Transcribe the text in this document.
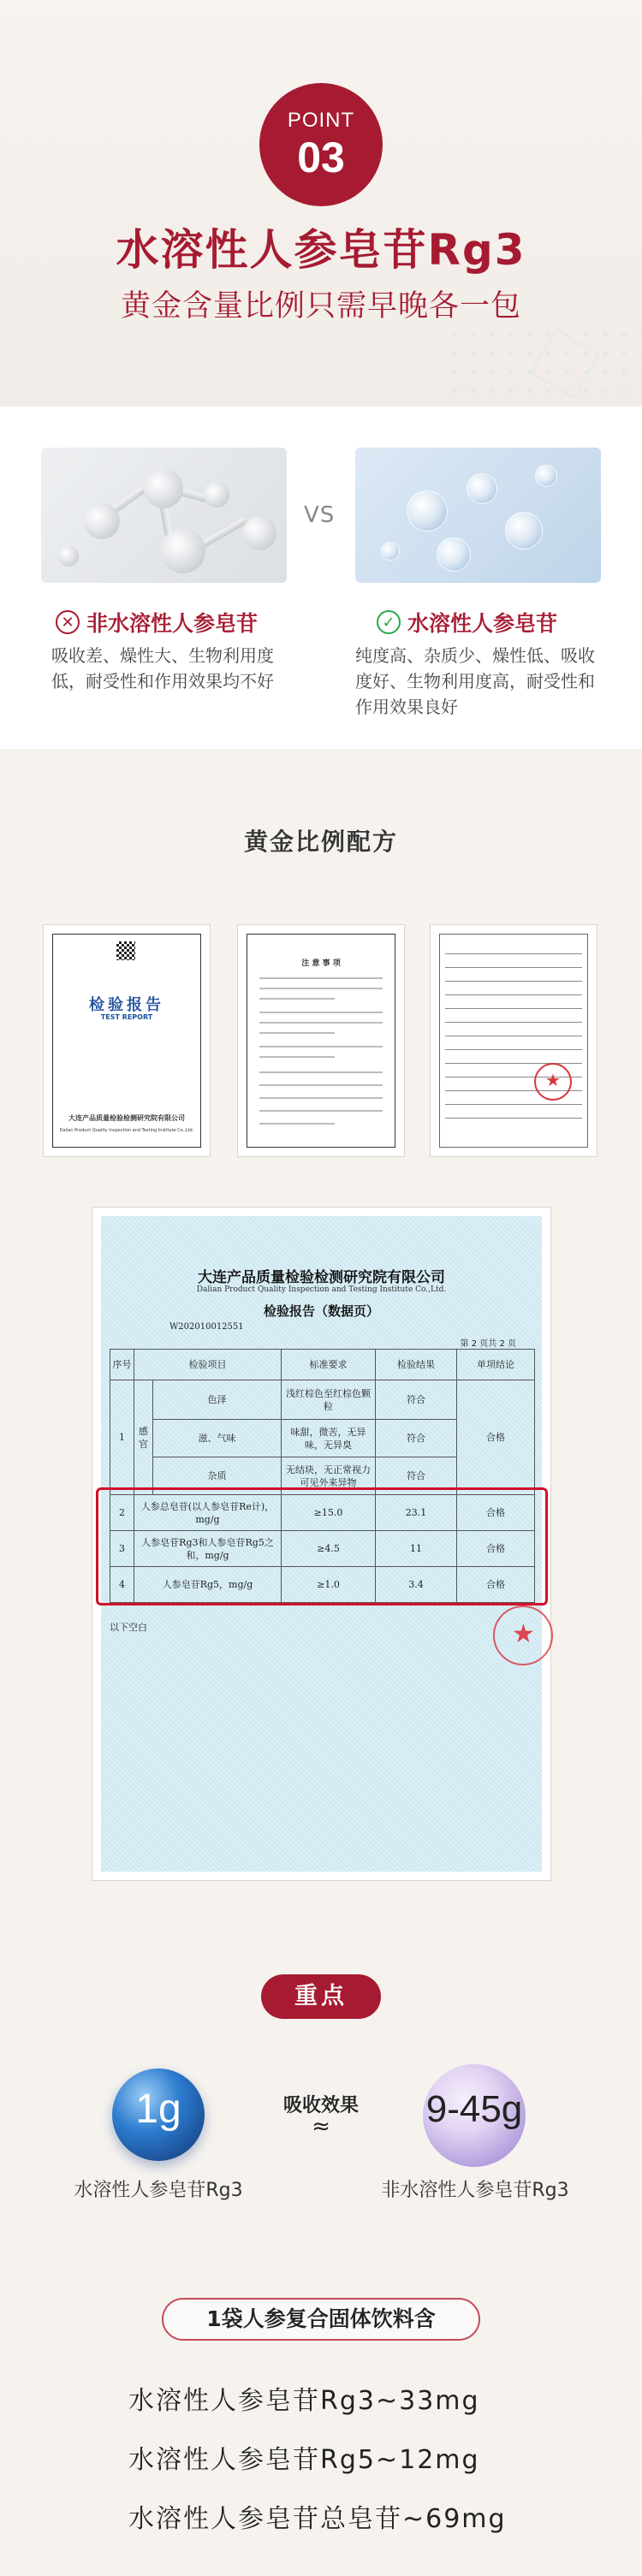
POINT
03
水溶性人参皂苷Rg3
黄金含量比例只需早晚各一包
VS
✕ 非水溶性人参皂苷	✓ 水溶性人参皂苷
吸收差、燥性大、生物利用度低，耐受性和作用效果均不好
纯度高、杂质少、燥性低、吸收度好、生物利用度高，耐受性和作用效果良好
黄金比例配方
检验报告
TEST REPORT
大连产品质量检验检测研究院有限公司
Dalian Product Quality Inspection and Testing Institute Co.,Ltd.
注 意 事 项
★
大连产品质量检验检测研究院有限公司
Dalian Product Quality Inspection and Testing Institute Co.,Ltd.
检验报告（数据页）
W202010012551
第 2 页共 2 页
序号	检验项目		标准要求	检验结果	单项结论
1	感官	色泽	浅红棕色至红棕色颗粒	符合	合格
		滋、气味	味甜，微苦，无异味，无异臭	符合	
		杂质	无结块，无正常视力可见外来异物	符合	
2	人参总皂苷(以人参皂苷Re计)，mg/g		≥15.0	23.1	合格
3	人参皂苷Rg3和人参皂苷Rg5之和，mg/g		≥4.5	11	合格
4	人参皂苷Rg5，mg/g		≥1.0	3.4	合格
以下空白
★
重点
1g	吸收效果
≈	9-45g
水溶性人参皂苷Rg3	非水溶性人参皂苷Rg3
1袋人参复合固体饮料含
水溶性人参皂苷Rg3~33mg
水溶性人参皂苷Rg5~12mg
水溶性人参皂苷总皂苷~69mg
